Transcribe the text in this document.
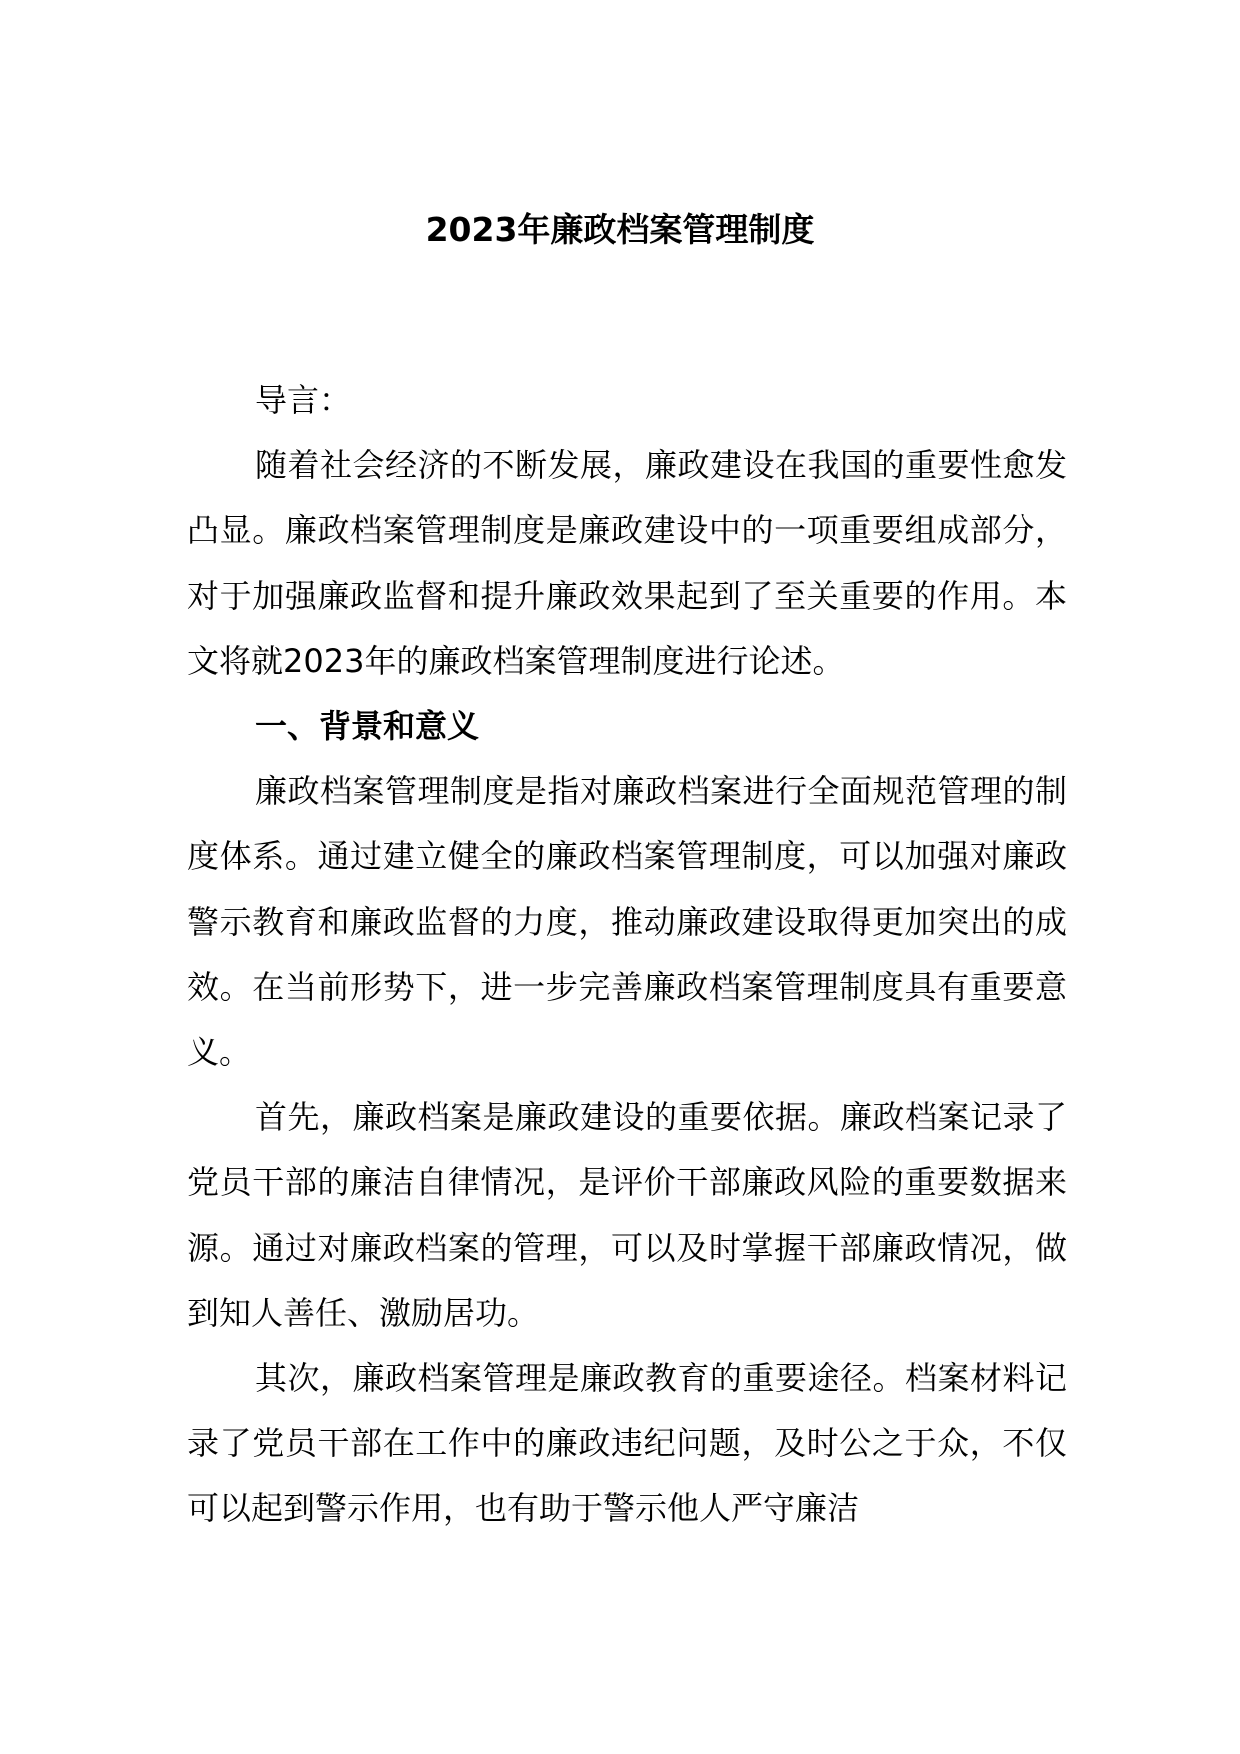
2023年廉政档案管理制度

导言：

随着社会经济的不断发展，廉政建设在我国的重要性愈发凸显。廉政档案管理制度是廉政建设中的一项重要组成部分，对于加强廉政监督和提升廉政效果起到了至关重要的作用。本文将就2023年的廉政档案管理制度进行论述。

一、背景和意义

廉政档案管理制度是指对廉政档案进行全面规范管理的制度体系。通过建立健全的廉政档案管理制度，可以加强对廉政警示教育和廉政监督的力度，推动廉政建设取得更加突出的成效。在当前形势下，进一步完善廉政档案管理制度具有重要意义。

首先，廉政档案是廉政建设的重要依据。廉政档案记录了党员干部的廉洁自律情况，是评价干部廉政风险的重要数据来源。通过对廉政档案的管理，可以及时掌握干部廉政情况，做到知人善任、激励居功。

其次，廉政档案管理是廉政教育的重要途径。档案材料记录了党员干部在工作中的廉政违纪问题，及时公之于众，不仅可以起到警示作用，也有助于警示他人严守廉洁
